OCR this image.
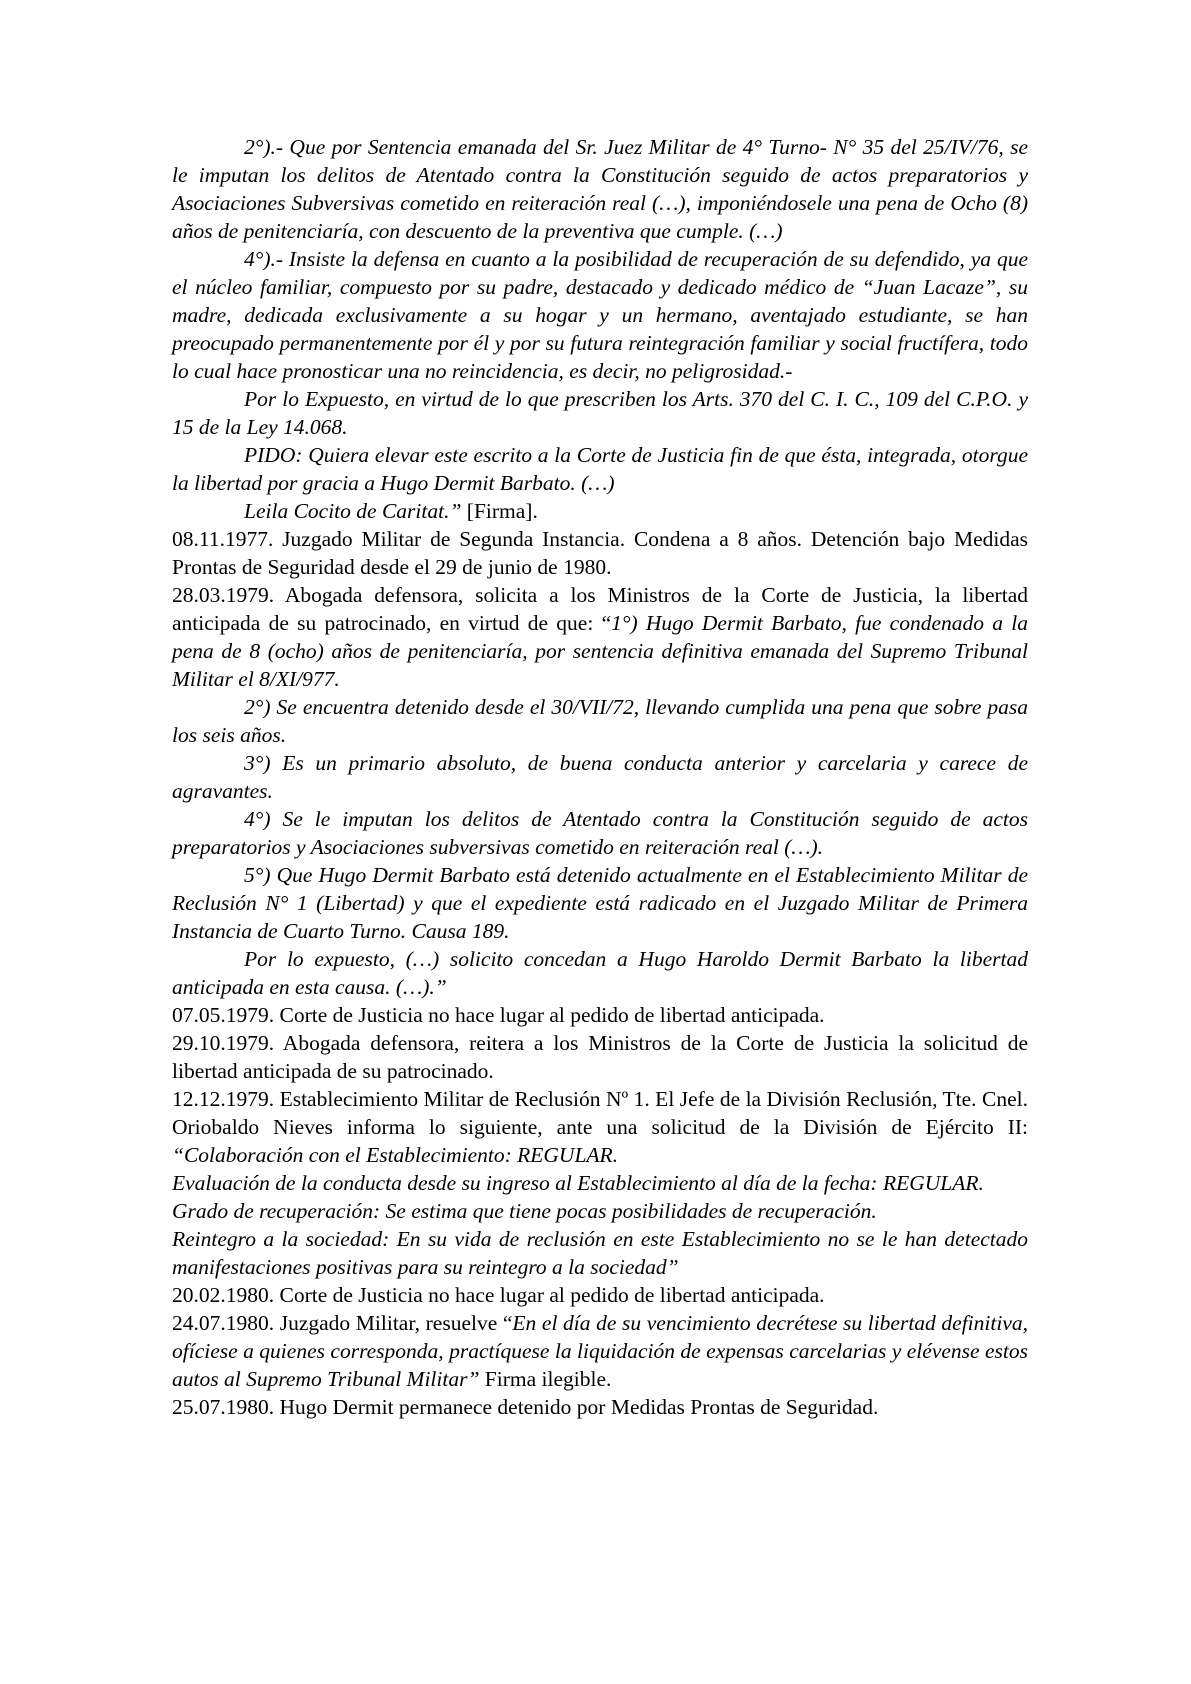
2°).- Que por Sentencia emanada del Sr. Juez Militar de 4° Turno- N° 35 del 25/IV/76, se le imputan los delitos de Atentado contra la Constitución seguido de actos preparatorios y Asociaciones Subversivas cometido en reiteración real (…), imponiéndosele una pena de Ocho (8) años de penitenciaría, con descuento de la preventiva que cumple. (…)

4°).- Insiste la defensa en cuanto a la posibilidad de recuperación de su defendido, ya que el núcleo familiar, compuesto por su padre, destacado y dedicado médico de “Juan Lacaze”, su madre, dedicada exclusivamente a su hogar y un hermano, aventajado estudiante, se han preocupado permanentemente por él y por su futura reintegración familiar y social fructífera, todo lo cual hace pronosticar una no reincidencia, es decir, no peligrosidad.-

Por lo Expuesto, en virtud de lo que prescriben los Arts. 370 del C. I. C., 109 del C.P.O. y 15 de la Ley 14.068.

PIDO: Quiera elevar este escrito a la Corte de Justicia fin de que ésta, integrada, otorgue la libertad por gracia a Hugo Dermit Barbato. (…)

Leila Cocito de Caritat.” [Firma].

08.11.1977. Juzgado Militar de Segunda Instancia. Condena a 8 años. Detención bajo Medidas Prontas de Seguridad desde el 29 de junio de 1980.

28.03.1979. Abogada defensora, solicita a los Ministros de la Corte de Justicia, la libertad anticipada de su patrocinado, en virtud de que: “1°) Hugo Dermit Barbato, fue condenado a la pena de 8 (ocho) años de penitenciaría, por sentencia definitiva emanada del Supremo Tribunal Militar el 8/XI/977.

2°) Se encuentra detenido desde el 30/VII/72, llevando cumplida una pena que sobre pasa los seis años.

3°) Es un primario absoluto, de buena conducta anterior y carcelaria y carece de agravantes.

4°) Se le imputan los delitos de Atentado contra la Constitución seguido de actos preparatorios y Asociaciones subversivas cometido en reiteración real (…).

5°) Que Hugo Dermit Barbato está detenido actualmente en el Establecimiento Militar de Reclusión N° 1 (Libertad) y que el expediente está radicado en el Juzgado Militar de Primera Instancia de Cuarto Turno. Causa 189.

Por lo expuesto, (…) solicito concedan a Hugo Haroldo Dermit Barbato la libertad anticipada en esta causa. (…).”

07.05.1979. Corte de Justicia no hace lugar al pedido de libertad anticipada.

29.10.1979. Abogada defensora, reitera a los Ministros de la Corte de Justicia la solicitud de libertad anticipada de su patrocinado.

12.12.1979. Establecimiento Militar de Reclusión Nº 1. El Jefe de la División Reclusión, Tte. Cnel. Oriobaldo Nieves informa lo siguiente, ante una solicitud de la División de Ejército II: “Colaboración con el Establecimiento: REGULAR.

Evaluación de la conducta desde su ingreso al Establecimiento al día de la fecha: REGULAR.

Grado de recuperación: Se estima que tiene pocas posibilidades de recuperación.

Reintegro a la sociedad: En su vida de reclusión en este Establecimiento no se le han detectado manifestaciones positivas para su reintegro a la sociedad”

20.02.1980. Corte de Justicia no hace lugar al pedido de libertad anticipada.

24.07.1980. Juzgado Militar, resuelve “En el día de su vencimiento decrétese su libertad definitiva, ofíciese a quienes corresponda, practíquese la liquidación de expensas carcelarias y elévense estos autos al Supremo Tribunal Militar” Firma ilegible.

25.07.1980. Hugo Dermit permanece detenido por Medidas Prontas de Seguridad.
